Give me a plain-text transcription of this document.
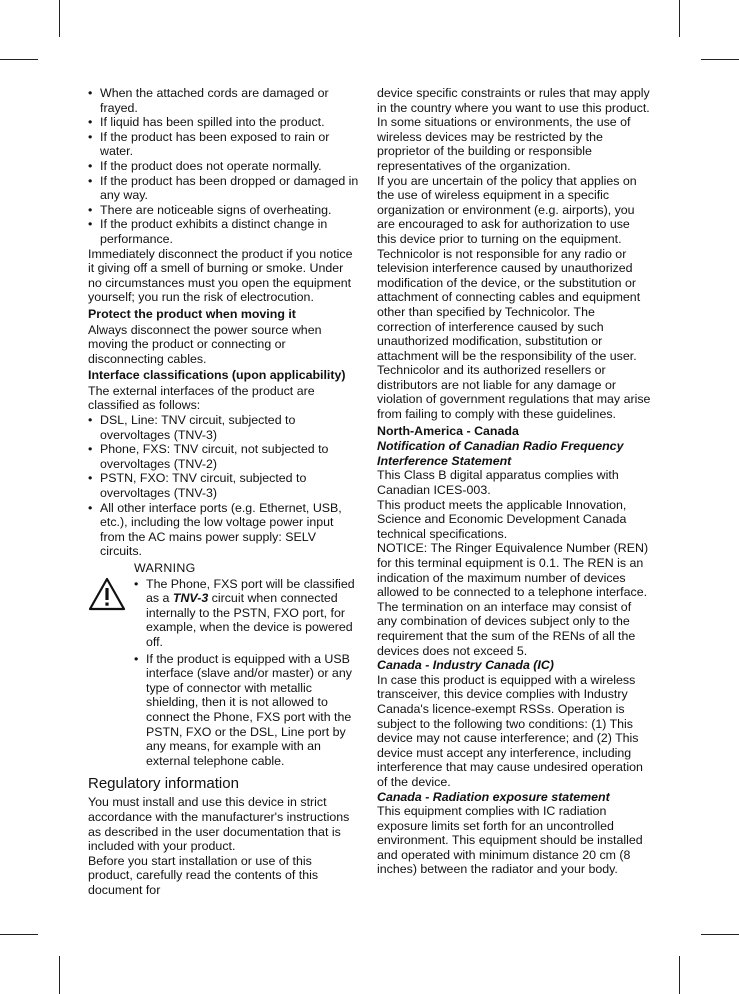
• When the attached cords are damaged or frayed.
• If liquid has been spilled into the product.
• If the product has been exposed to rain or water.
• If the product does not operate normally.
• If the product has been dropped or damaged in any way.
• There are noticeable signs of overheating.
• If the product exhibits a distinct change in performance.

Immediately disconnect the product if you notice it giving off a smell of burning or smoke. Under no circumstances must you open the equipment yourself; you run the risk of electrocution.

Protect the product when moving it

Always disconnect the power source when moving the product or connecting or disconnecting cables.

Interface classifications (upon applicability)

The external interfaces of the product are classified as follows:

• DSL, Line: TNV circuit, subjected to overvoltages (TNV-3)
• Phone, FXS: TNV circuit, not subjected to overvoltages (TNV-2)
• PSTN, FXO: TNV circuit, subjected to overvoltages (TNV-3)
• All other interface ports (e.g. Ethernet, USB, etc.), including the low voltage power input from the AC mains power supply: SELV circuits.

WARNING

• The Phone, FXS port will be classified as a TNV-3 circuit when connected internally to the PSTN, FXO port, for example, when the device is powered off.
• If the product is equipped with a USB interface (slave and/or master) or any type of connector with metallic shielding, then it is not allowed to connect the Phone, FXS port with the PSTN, FXO or the DSL, Line port by any means, for example with an external telephone cable.

Regulatory information

You must install and use this device in strict accordance with the manufacturer's instructions as described in the user documentation that is included with your product.

Before you start installation or use of this product, carefully read the contents of this document for

device specific constraints or rules that may apply in the country where you want to use this product. In some situations or environments, the use of wireless devices may be restricted by the proprietor of the building or responsible representatives of the organization.

If you are uncertain of the policy that applies on the use of wireless equipment in a specific organization or environment (e.g. airports), you are encouraged to ask for authorization to use this device prior to turning on the equipment.

Technicolor is not responsible for any radio or television interference caused by unauthorized modification of the device, or the substitution or attachment of connecting cables and equipment other than specified by Technicolor. The correction of interference caused by such unauthorized modification, substitution or attachment will be the responsibility of the user.

Technicolor and its authorized resellers or distributors are not liable for any damage or violation of government regulations that may arise from failing to comply with these guidelines.

North-America - Canada

Notification of Canadian Radio Frequency Interference Statement

This Class B digital apparatus complies with Canadian ICES-003.

This product meets the applicable Innovation, Science and Economic Development Canada technical specifications.

NOTICE: The Ringer Equivalence Number (REN) for this terminal equipment is 0.1. The REN is an indication of the maximum number of devices allowed to be connected to a telephone interface. The termination on an interface may consist of any combination of devices subject only to the requirement that the sum of the RENs of all the devices does not exceed 5.

Canada - Industry Canada (IC)

In case this product is equipped with a wireless transceiver, this device complies with Industry Canada's licence-exempt RSSs. Operation is subject to the following two conditions: (1) This device may not cause interference; and (2) This device must accept any interference, including interference that may cause undesired operation of the device.

Canada - Radiation exposure statement

This equipment complies with IC radiation exposure limits set forth for an uncontrolled environment. This equipment should be installed and operated with minimum distance 20 cm (8 inches) between the radiator and your body.
